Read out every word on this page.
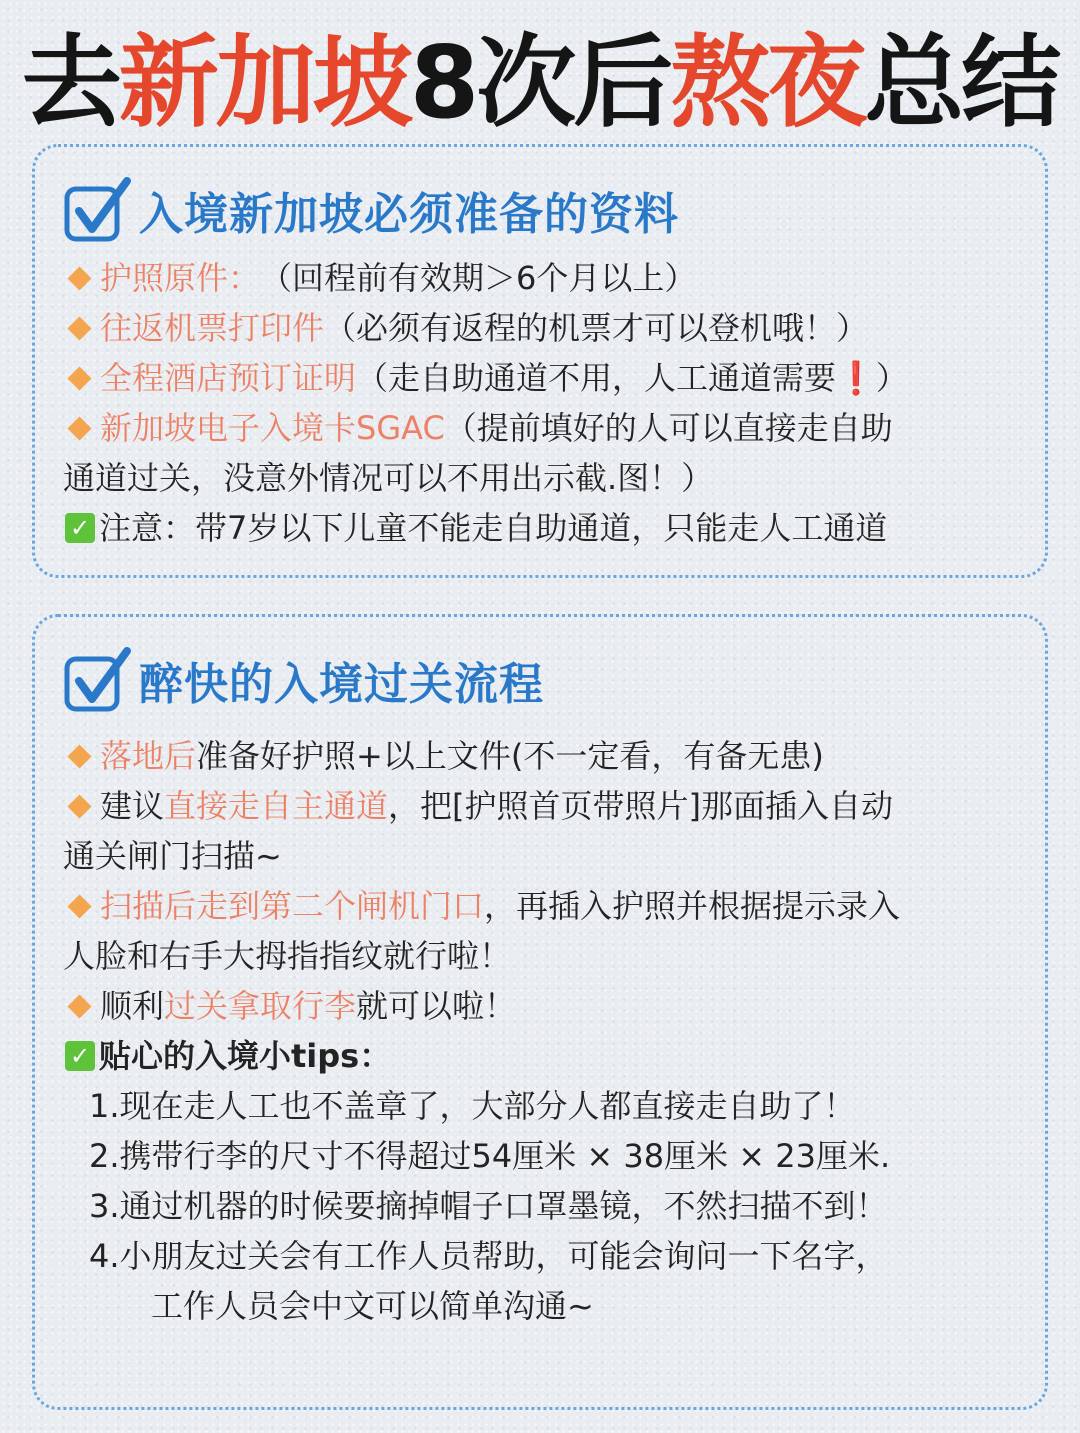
去 新加坡 8次后 熬夜 总结
入境新加坡必须准备的资料
护照原件： （回程前有效期＞6个月以上）
往返机票打印件 （必须有返程的机票才可以登机哦！）
全程酒店预订证明 （走自助通道不用，人工通道需要 ❗ ）
新加坡电子入境卡SGAC （提前填好的人可以直接走自助
通道过关，没意外情况可以不用出示截.图！）
✓ 注意：带7岁以下儿童不能走自助通道，只能走人工通道
醉快的入境过关流程
落地后 准备好护照+以上文件(不一定看，有备无患)
建议 直接走自主通道 ，把[护照首页带照片]那面插入自动
通关闸门扫描~
扫描后走到第二个闸机门口 ，再插入护照并根据提示录入
人脸和右手大拇指指纹就行啦！
顺利 过关拿取行李 就可以啦！
✓ 贴心的入境小tips：
1.现在走人工也不盖章了，大部分人都直接走自助了！
2.携带行李的尺寸不得超过54厘米 × 38厘米 × 23厘米.
3.通过机器的时候要摘掉帽子口罩墨镜，不然扫描不到！
4.小朋友过关会有工作人员帮助，可能会询问一下名字，
工作人员会中文可以简单沟通~
